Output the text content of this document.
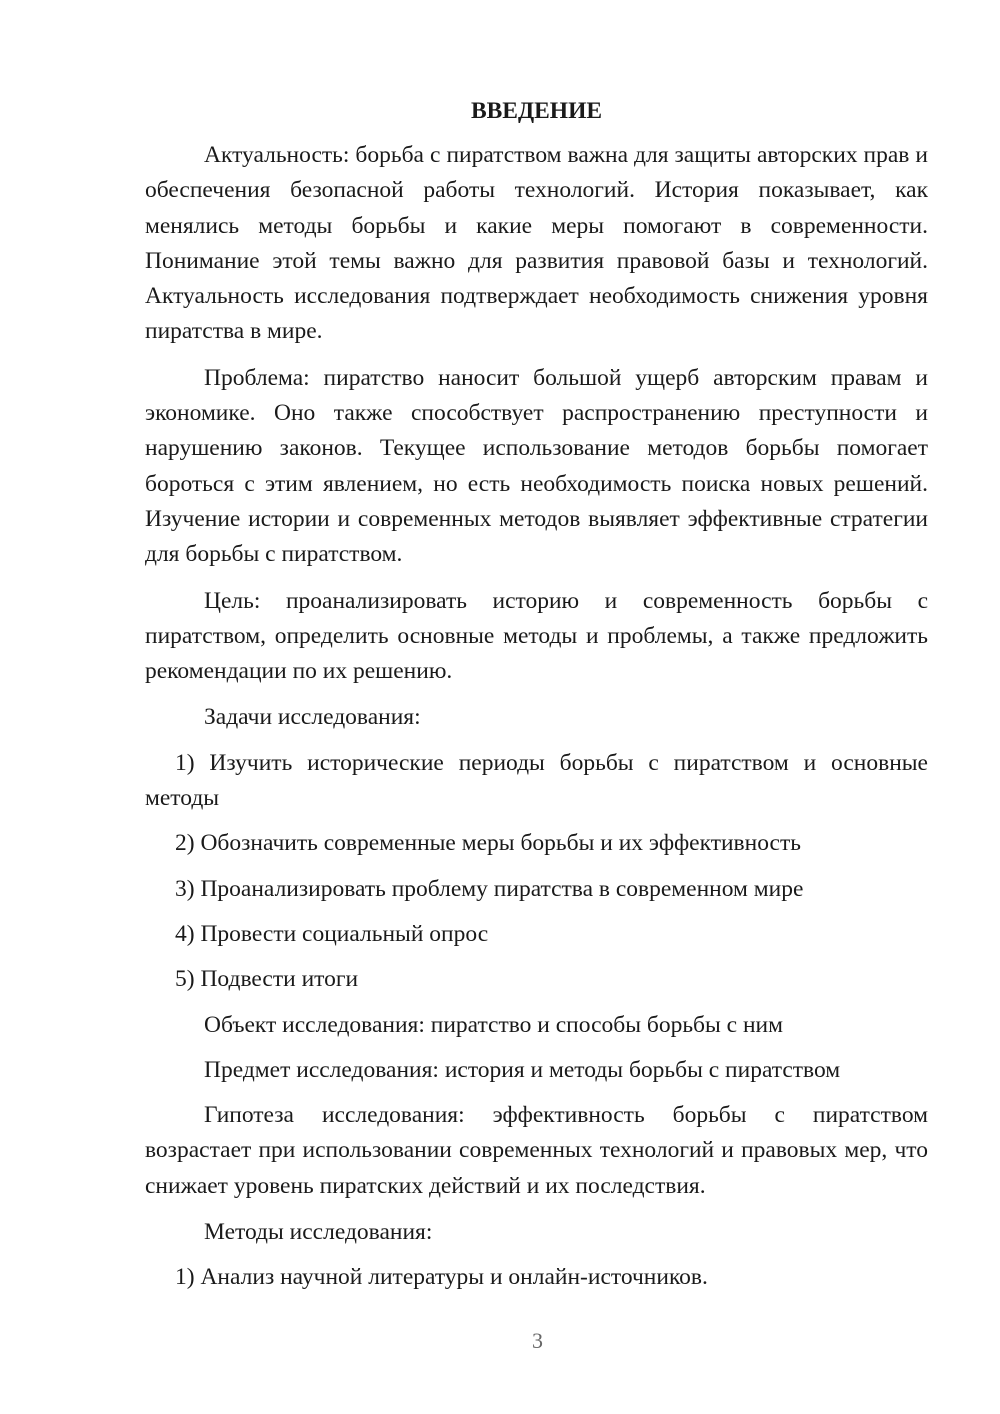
ВВЕДЕНИЕ

Актуальность: борьба с пиратством важна для защиты авторских прав и обеспечения безопасной работы технологий. История показывает, как менялись методы борьбы и какие меры помогают в современности. Понимание этой темы важно для развития правовой базы и технологий. Актуальность исследования подтверждает необходимость снижения уровня пиратства в мире.

Проблема: пиратство наносит большой ущерб авторским правам и экономике. Оно также способствует распространению преступности и нарушению законов. Текущее использование методов борьбы помогает бороться с этим явлением, но есть необходимость поиска новых решений. Изучение истории и современных методов выявляет эффективные стратегии для борьбы с пиратством.

Цель: проанализировать историю и современность борьбы с пиратством, определить основные методы и проблемы, а также предложить рекомендации по их решению.

Задачи исследования:
1) Изучить исторические периоды борьбы с пиратством и основные методы
2) Обозначить современные меры борьбы и их эффективность
3) Проанализировать проблему пиратства в современном мире
4) Провести социальный опрос
5) Подвести итоги
Объект исследования: пиратство и способы борьбы с ним
Предмет исследования: история и методы борьбы с пиратством

Гипотеза исследования: эффективность борьбы с пиратством возрастает при использовании современных технологий и правовых мер, что снижает уровень пиратских действий и их последствия.

Методы исследования:
1) Анализ научной литературы и онлайн-источников.
3
